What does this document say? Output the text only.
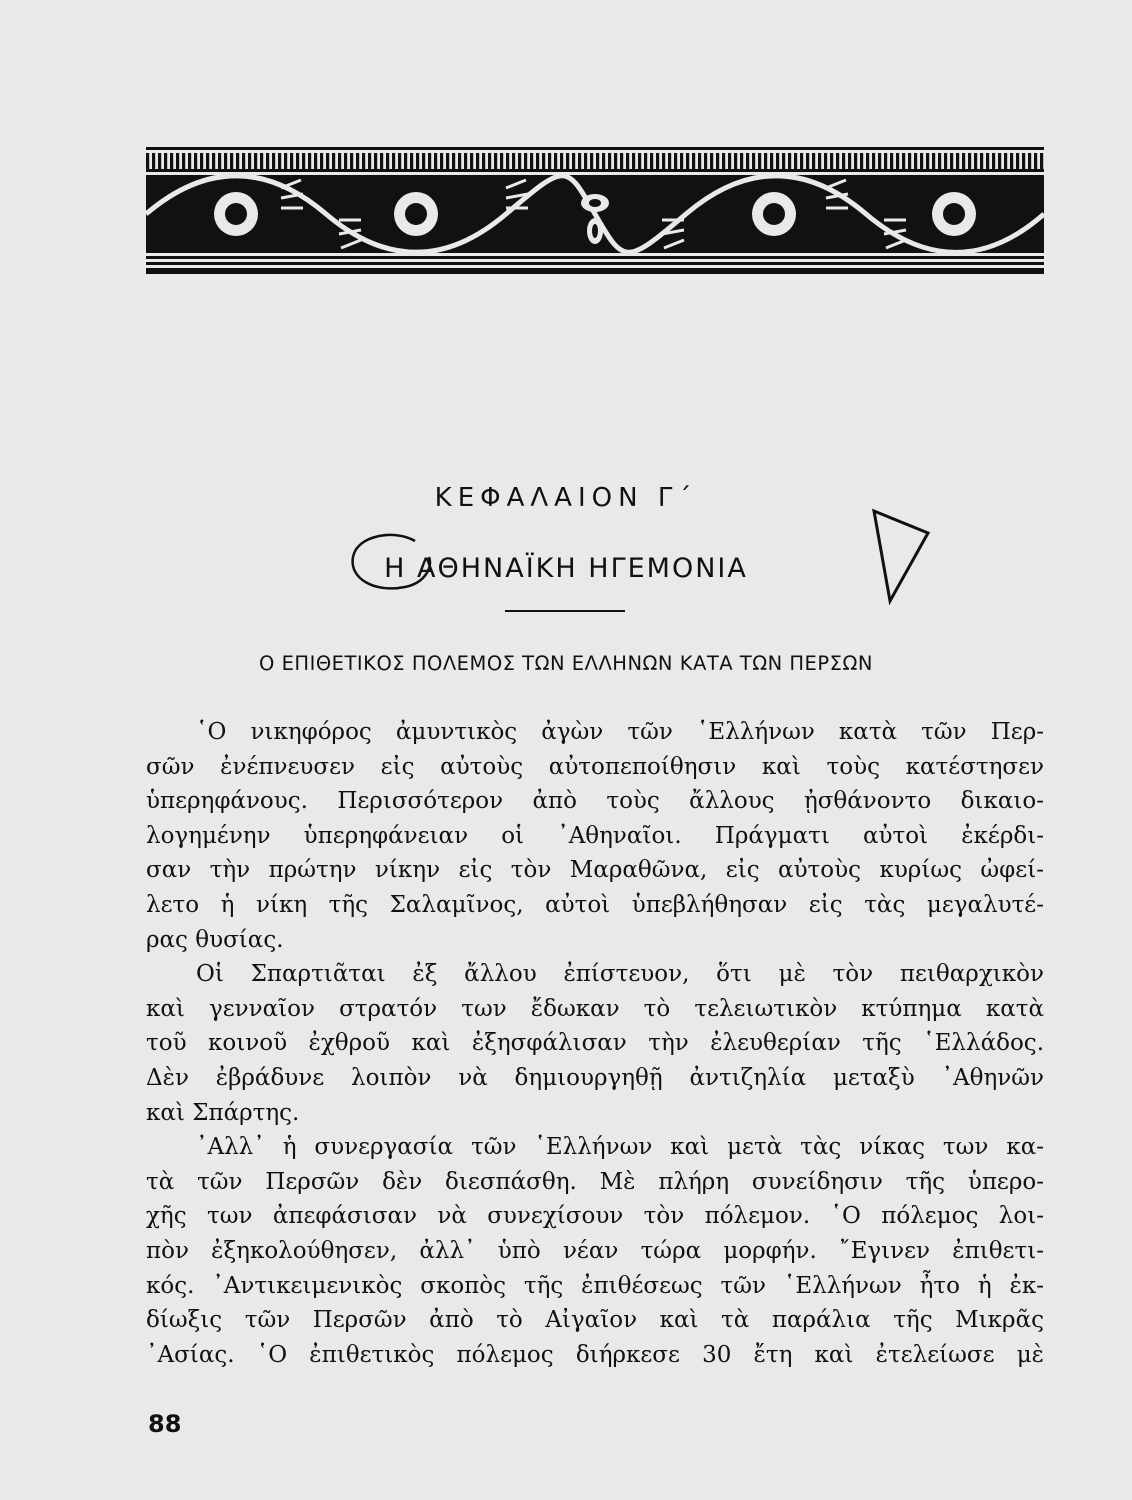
ΚΕΦΑΛΑΙΟΝ Γ΄
Η ΑΘΗΝΑΪΚΗ ΗΓΕΜΟΝΙΑ
Ο ΕΠΙΘΕΤΙΚΟΣ ΠΟΛΕΜΟΣ ΤΩΝ ΕΛΛΗΝΩΝ ΚΑΤΑ ΤΩΝ ΠΕΡΣΩΝ
῾Ο νικηφόρος ἀμυντικὸς ἀγὼν τῶν ῾Ελλήνων κατὰ τῶν Περ-
σῶν ἐνέπνευσεν εἰς αὐτοὺς αὐτοπεποίθησιν καὶ τοὺς κατέστησεν
ὑπερηφάνους. Περισσότερον ἀπὸ τοὺς ἄλλους ᾐσθάνοντο δικαιο-
λογημένην ὑπερηφάνειαν οἱ ᾿Αθηναῖοι. Πράγματι αὐτοὶ ἐκέρδι-
σαν τὴν πρώτην νίκην εἰς τὸν Μαραθῶνα, εἰς αὐτοὺς κυρίως ὠφεί-
λετο ἡ νίκη τῆς Σαλαμῖνος, αὐτοὶ ὑπεβλήθησαν εἰς τὰς μεγαλυτέ-
ρας θυσίας.
Οἱ Σπαρτιᾶται ἐξ ἄλλου ἐπίστευον, ὅτι μὲ τὸν πειθαρχικὸν
καὶ γενναῖον στρατόν των ἔδωκαν τὸ τελειωτικὸν κτύπημα κατὰ
τοῦ κοινοῦ ἐχθροῦ καὶ ἐξησφάλισαν τὴν ἐλευθερίαν τῆς ῾Ελλάδος.
Δὲν ἐβράδυνε λοιπὸν νὰ δημιουργηθῇ ἀντιζηλία μεταξὺ ᾿Αθηνῶν
καὶ Σπάρτης.
᾿Αλλ᾿ ἡ συνεργασία τῶν ῾Ελλήνων καὶ μετὰ τὰς νίκας των κα-
τὰ τῶν Περσῶν δὲν διεσπάσθη. Μὲ πλήρη συνείδησιν τῆς ὑπερο-
χῆς των ἀπεφάσισαν νὰ συνεχίσουν τὸν πόλεμον. ῾Ο πόλεμος λοι-
πὸν ἐξηκολούθησεν, ἀλλ᾿ ὑπὸ νέαν τώρα μορφήν. ῎Εγινεν ἐπιθετι-
κός. ᾿Αντικειμενικὸς σκοπὸς τῆς ἐπιθέσεως τῶν ῾Ελλήνων ἦτο ἡ ἐκ-
δίωξις τῶν Περσῶν ἀπὸ τὸ Αἰγαῖον καὶ τὰ παράλια τῆς Μικρᾶς
᾿Ασίας. ῾Ο ἐπιθετικὸς πόλεμος διήρκεσε 30 ἔτη καὶ ἐτελείωσε μὲ
88
